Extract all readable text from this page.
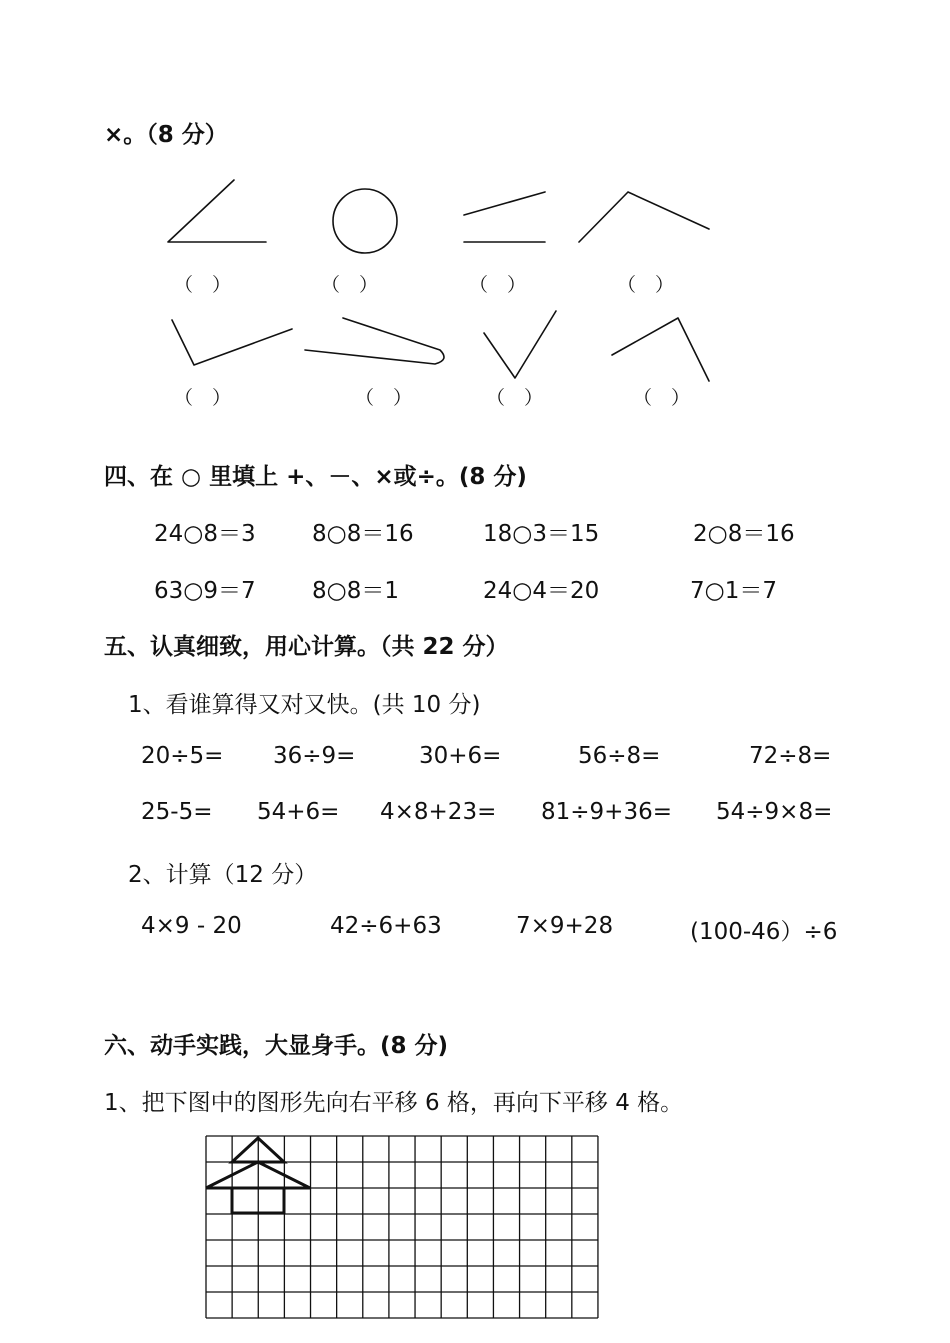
×。（8 分）
（　）	（　）	（　）	（　）
（　）	（　）	（　）	（　）
四、在 ○ 里填上 +、－、×或÷。(8 分)
24○8＝3 8○8＝16	18○3＝15	2○8＝16
63○9＝7 8○8＝1	24○4＝20	7○1＝7
五、认真细致，用心计算。（共 22 分）
1、看谁算得又对又快。(共 10 分)
20÷5= 36÷9=	30+6=	56÷8=	72÷8=
25-5= 54+6= 4×8+23= 81÷9+36= 54÷9×8=
2、计算（12 分）
4×9 - 20	42÷6+63	7×9+28	(100-46）÷6
六、动手实践，大显身手。(8 分)
1、把下图中的图形先向右平移 6 格，再向下平移 4 格。
